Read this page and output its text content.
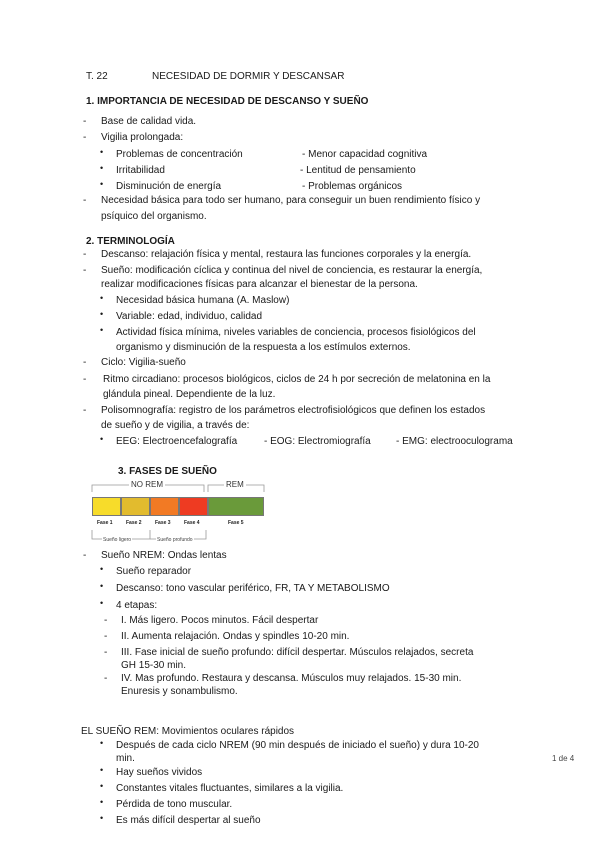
T. 22	NECESIDAD DE DORMIR Y DESCANSAR
1. IMPORTANCIA DE NECESIDAD DE DESCANSO Y SUEÑO
- Base de calidad vida.
- Vigilia prolongada:
• Problemas de concentración	- Menor capacidad cognitiva
• Irritabilidad	- Lentitud de pensamiento
• Disminución de energía	- Problemas orgánicos
- Necesidad básica para todo ser humano, para conseguir un buen rendimiento físico y
psíquico del organismo.
2. TERMINOLOGÍA
- Descanso: relajación física y mental, restaura las funciones corporales y la energía.
- Sueño: modificación cíclica y continua del nivel de conciencia, es restaurar la energía,
realizar modificaciones físicas para alcanzar el bienestar de la persona.
• Necesidad básica humana (A. Maslow)
• Variable: edad, individuo, calidad
• Actividad física mínima, niveles variables de conciencia, procesos fisiológicos del
organismo y disminución de la respuesta a los estímulos externos.
- Ciclo: Vigilia-sueño
- Ritmo circadiano: procesos biológicos, ciclos de 24 h por secreción de melatonina en la
glándula pineal. Dependiente de la luz.
- Polisomnografía: registro de los parámetros electrofisiológicos que definen los estados
de sueño y de vigilia, a través de:
• EEG: Electroencefalografía	- EOG: Electromiografía	- EMG: electrooculograma
3. FASES DE SUEÑO
NO REM	REM
Fase 1	Fase 2	Fase 3	Fase 4	Fase 5
Sueño ligero	Sueño profundo
- Sueño NREM: Ondas lentas
• Sueño reparador
• Descanso: tono vascular periférico, FR, TA Y METABOLISMO
• 4 etapas:
- I. Más ligero. Pocos minutos. Fácil despertar
- II. Aumenta relajación. Ondas y spindles 10-20 min.
- III. Fase inicial de sueño profundo: difícil despertar. Músculos relajados, secreta
GH 15-30 min.
- IV. Mas profundo. Restaura y descansa. Músculos muy relajados. 15-30 min.
Enuresis y sonambulismo.
EL SUEÑO REM: Movimientos oculares rápidos
• Después de cada ciclo NREM (90 min después de iniciado el sueño) y dura 10-20
min.
• Hay sueños vividos
• Constantes vitales fluctuantes, similares a la vigilia.
• Pérdida de tono muscular.
• Es más difícil despertar al sueño
1 de 4
